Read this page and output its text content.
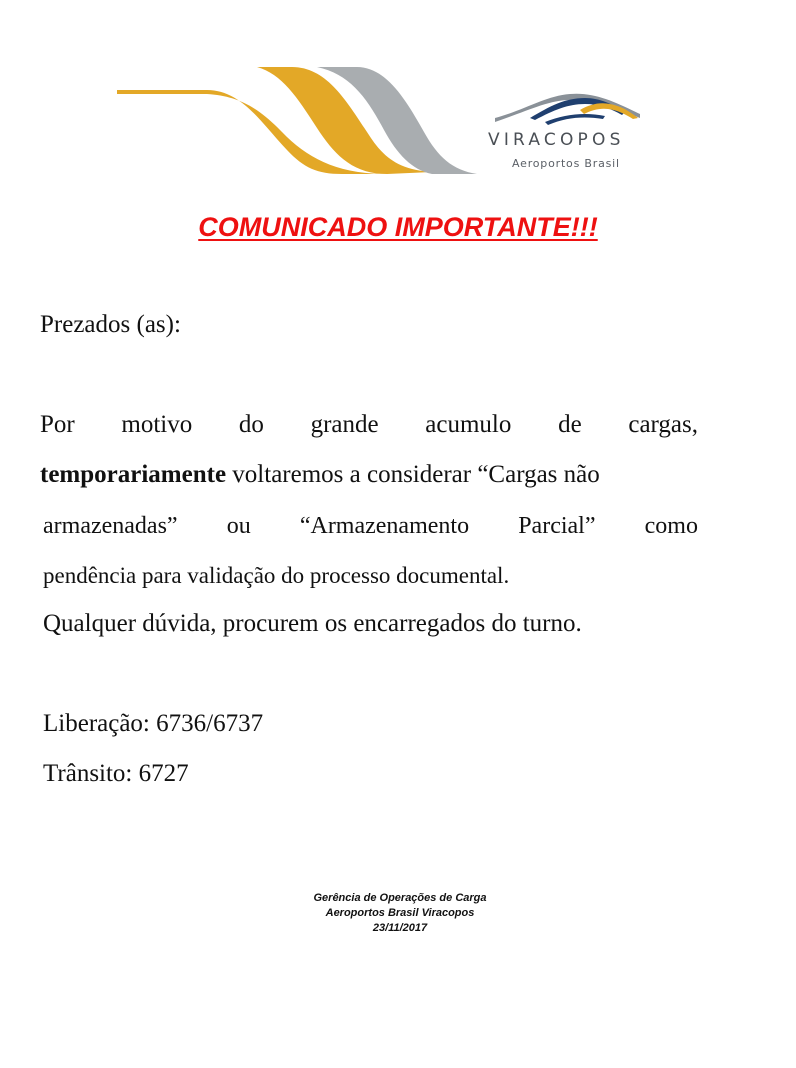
VIRACOPOS
Aeroportos Brasil
COMUNICADO IMPORTANTE!!!
Prezados (as):
Por motivo do grande acumulo de cargas,
temporariamente voltaremos a considerar “Cargas não
armazenadas” ou “Armazenamento Parcial” como
pendência para validação do processo documental.
Qualquer dúvida, procurem os encarregados do turno.
Liberação: 6736/6737
Trânsito: 6727
Gerência de Operações de Carga
Aeroportos Brasil Viracopos
23/11/2017
